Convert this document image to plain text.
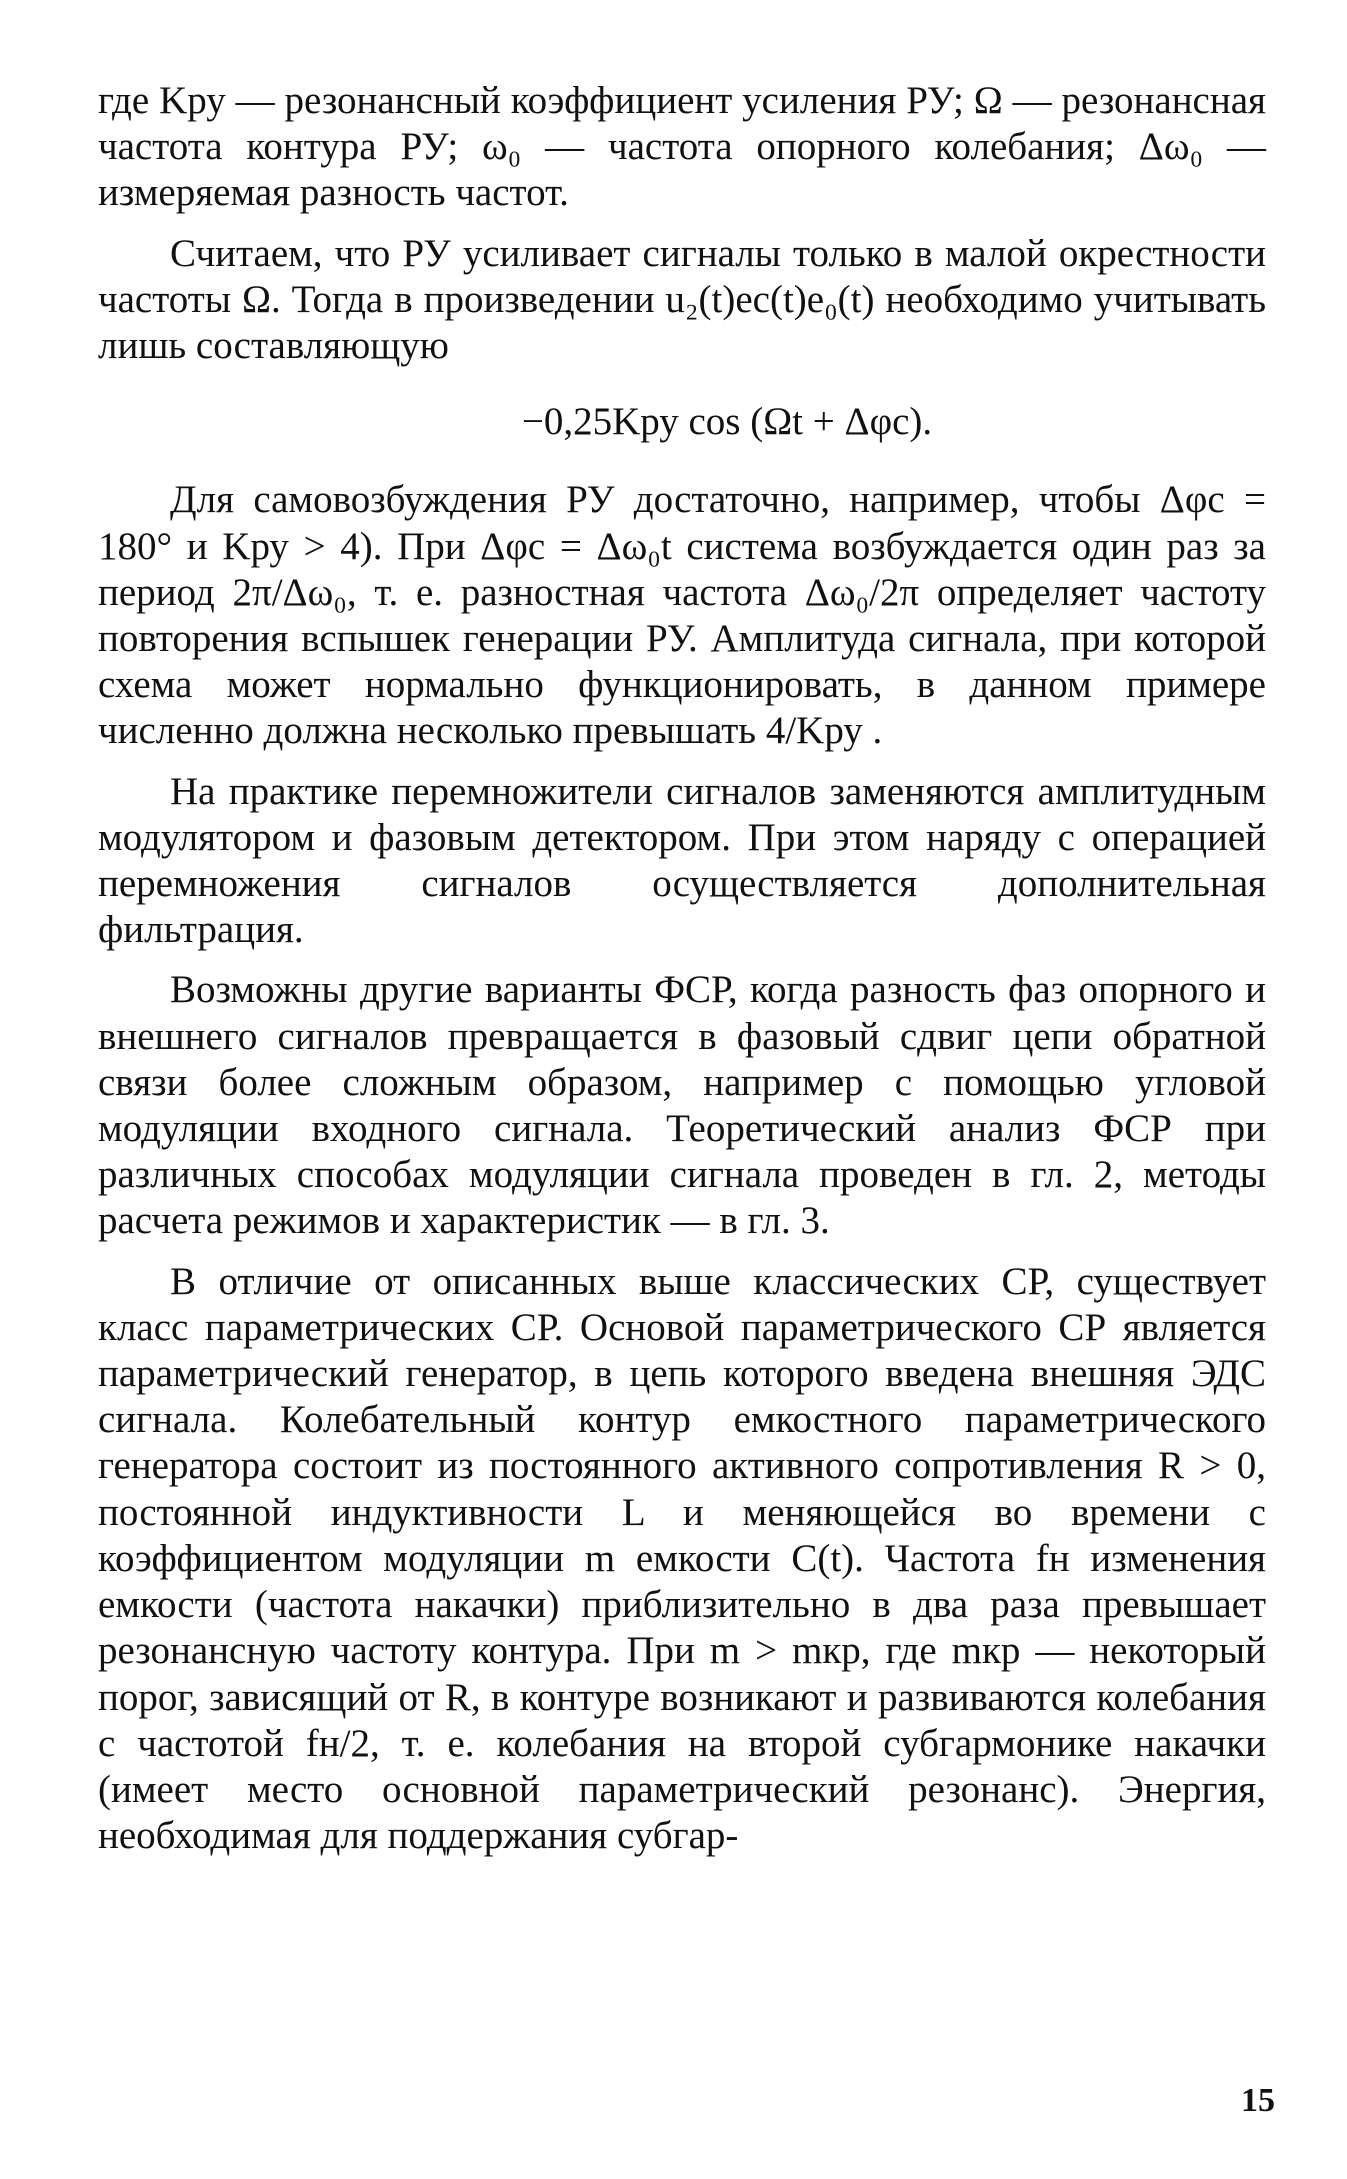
где Kру — резонансный коэффициент усиления РУ; Ω — резонансная частота контура РУ; ω₀ — частота опорного колебания; Δω₀ — измеряемая разность частот.

Считаем, что РУ усиливает сигналы только в малой окрестности частоты Ω. Тогда в произведении u₂(t)eс(t)e₀(t) необходимо учитывать лишь составляющую

−0,25Kру cos (Ωt + Δφс).

Для самовозбуждения РУ достаточно, например, чтобы Δφс = 180° и Kру > 4). При Δφс = Δω₀t система возбуждается один раз за период 2π/Δω₀, т. е. разностная частота Δω₀/2π определяет частоту повторения вспышек генерации РУ. Амплитуда сигнала, при которой схема может нормально функционировать, в данном примере численно должна несколько превышать 4/Kру .

На практике перемножители сигналов заменяются амплитудным модулятором и фазовым детектором. При этом наряду с операцией перемножения сигналов осуществляется дополнительная фильтрация.

Возможны другие варианты ФСР, когда разность фаз опорного и внешнего сигналов превращается в фазовый сдвиг цепи обратной связи более сложным образом, например с помощью угловой модуляции входного сигнала. Теоретический анализ ФСР при различных способах модуляции сигнала проведен в гл. 2, методы расчета режимов и характеристик — в гл. 3.

В отличие от описанных выше классических СР, существует класс параметрических СР. Основой параметрического СР является параметрический генератор, в цепь которого введена внешняя ЭДС сигнала. Колебательный контур емкостного параметрического генератора состоит из постоянного активного сопротивления R > 0, постоянной индуктивности L и меняющейся во времени с коэффициентом модуляции m емкости C(t). Частота fн изменения емкости (частота накачки) приблизительно в два раза превышает резонансную частоту контура. При m > mкр, где mкр — некоторый порог, зависящий от R, в контуре возникают и развиваются колебания с частотой fн/2, т. е. колебания на второй субгармонике накачки (имеет место основной параметрический резонанс). Энергия, необходимая для поддержания субгар-

15
